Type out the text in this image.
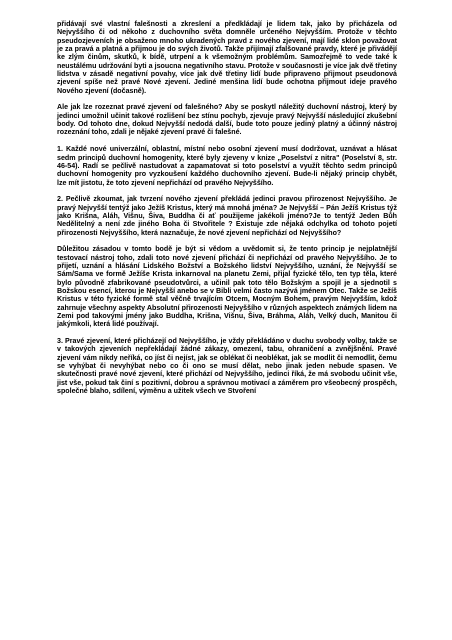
přidávají své vlastní falešnosti a zkreslení a předkládají je lidem tak, jako by přicházela od Nejvyššího či od někoho z duchovního světa domněle určeného Nejvyšším. Protože v těchto pseudozjeveních je obsaženo mnoho ukradených pravd z nového zjevení, mají lidé sklon považovat je za pravá a platná a přijmou je do svých životů. Takže přijímají zfalšované pravdy, které je přivádějí ke zlým činům, skutků, k bídě, utrpení a k všemožným problémům. Samozřejmě to vede také k neustálému udržování byti a jsoucna negativního stavu. Protože v současnosti je více jak dvě třetiny lidstva v zásadě negativní povahy, více jak dvě třetiny lidí bude připraveno přijmout pseudonová zjevení spíše než pravé Nové zjevení. Jediné menšina lidí bude ochotna přijmout ideje pravého Nového zjevení (dočasně).

Ale jak lze rozeznat pravé zjevení od falešného? Aby se poskytl náležitý duchovní nástroj, který by jedinci umožnil učinit takové rozlišení bez stínu pochyb, zjevuje pravý Nejvyšší následující zkušební body. Od tohoto dne, dokud Nejvyšší nedodá další, bude toto pouze jediný platný a účinný nástroj rozeznání toho, zdali je nějaké zjevení pravé či falešné.

1. Každé nové univerzální, oblastní, místní nebo osobní zjevení musí dodržovat, uznávat a hlásat sedm principů duchovní homogenity, které byly zjeveny v knize „Poselství z nitra" (Poselství 8, str. 46-54). Radí se pečlivě nastudovat a zapamatovat si toto poselství a využít těchto sedm principů duchovní homogenity pro vyzkoušení každého duchovního zjevení. Bude-li nějaký princip chybět, lze mít jistotu, že toto zjevení nepřichází od pravého Nejvyššího.

2. Pečlivě zkoumat, jak tvrzení nového zjevení překládá jedinci pravou přirozenost Nejvyššího. Je pravý Nejvyšší tentýž jako Ježíš Kristus, který má mnohá jména? Je Nejvyšší – Pán Ježíš Kristus týž jako Krišna, Aláh, Višnu, Šiva, Buddha či ať použijeme jakékoli jméno?Je to tentýž Jeden Bůh Nedělitelný a není zde jiného Boha či Stvořitele ? Existuje zde nějaká odchylka od tohoto pojetí přirozenosti Nejvyššího, která naznačuje, že nové zjevení nepřichází od Nejvyššího?

Důležitou zásadou v tomto bodě je být si vědom a uvědomit si, že tento princip je nejplatnější testovací nástroj toho, zdali toto nové zjevení přichází či nepřichází od pravého Nejvyššího. Je to přijetí, uznání a hlásání Lidského Božství a Božského lidství Nejvyššího, uznání, že Nejvyšší se Sám/Sama ve formě Ježíše Krista inkarnoval na planetu Zemi, přijal fyzické tělo, ten typ těla, které bylo původně zfabrikované pseudotvůrci, a učinil pak toto tělo Božským a spojil je a sjednotil s Božskou esencí, kterou je Nejvyšší anebo se v Bibli velmi často nazývá jménem Otec. Takže se Ježíš Kristus v této fyzické formě stal věčně trvajícím Otcem, Mocným Bohem, pravým Nejvyšším, kdož zahrnuje všechny aspekty Absolutní přirozenosti Nejvyššího v různých aspektech známých lidem na Zemi pod takovými jmény jako Buddha, Krišna, Višnu, Šiva, Bráhma, Aláh, Velký duch, Manitou či jakýmkoli, která lidé používají.

3. Pravé zjevení, které přicházejí od Nejvyššího, je vždy překládáno v duchu svobody volby, takže se v takových zjeveních nepřekládají žádné zákazy, omezení, tabu, ohraničení a zvnějšnění. Pravé zjevení vám nikdy neříká, co jíst či nejíst, jak se oblékat či neoblékat, jak se modlit či nemodlit, čemu se vyhýbat či nevyhýbat nebo co či ono se musí dělat, nebo jinak jeden nebude spasen. Ve skutečnosti pravé nové zjevení, které přichází od Nejvyššího, jedinci říká, že má svobodu učinit vše, jist vše, pokud tak činí s pozitivní, dobrou a správnou motivací a záměrem pro všeobecný prospěch, společné blaho, sdílení, výměnu a užitek všech ve Stvoření
